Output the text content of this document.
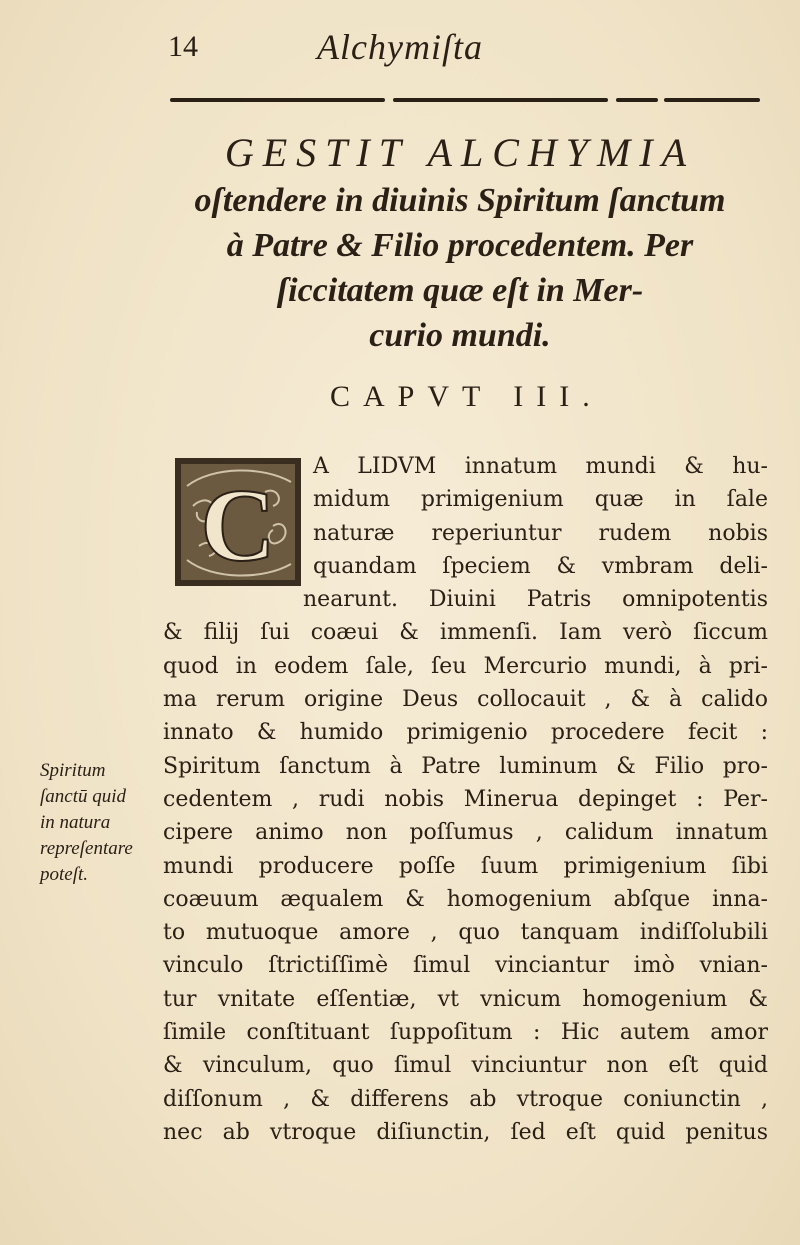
14	Alchymiſta
GESTIT ALCHYMIA
oſtendere in diuinis Spiritum ſanctum
à Patre & Filio procedentem. Per
ſiccitatem quæ eſt in Mer-
curio mundi.
CAPVT III.
C
A LIDVM innatum mundi & hu-
midum primigenium quæ in ſale
naturæ reperiuntur rudem nobis
quandam ſpeciem & vmbram deli-
nearunt. Diuini Patris omnipotentis
& filij ſui coæui & immenſi. Iam verò ſiccum
quod in eodem ſale, ſeu Mercurio mundi, à pri-
ma rerum origine Deus collocauit , & à calido
innato & humido primigenio procedere fecit :
Spiritum ſanctum à Patre luminum & Filio pro-
cedentem , rudi nobis Minerua depinget : Per-
cipere animo non poſſumus , calidum innatum
mundi producere poſſe ſuum primigenium ſibi
coæuum æqualem & homogenium abſque inna-
to mutuoque amore , quo tanquam indiſſolubili
vinculo ſtrictiſſimè ſimul vinciantur imò vnian-
tur vnitate eſſentiæ, vt vnicum homogenium &
ſimile conſtituant ſuppoſitum : Hic autem amor
& vinculum, quo ſimul vinciuntur non eſt quid
diſſonum , & differens ab vtroque coniunctin ,
nec ab vtroque diſiunctin, ſed eſt quid penitus
Spiritum
ſanctū quid
in natura
repreſentare
poteſt.
